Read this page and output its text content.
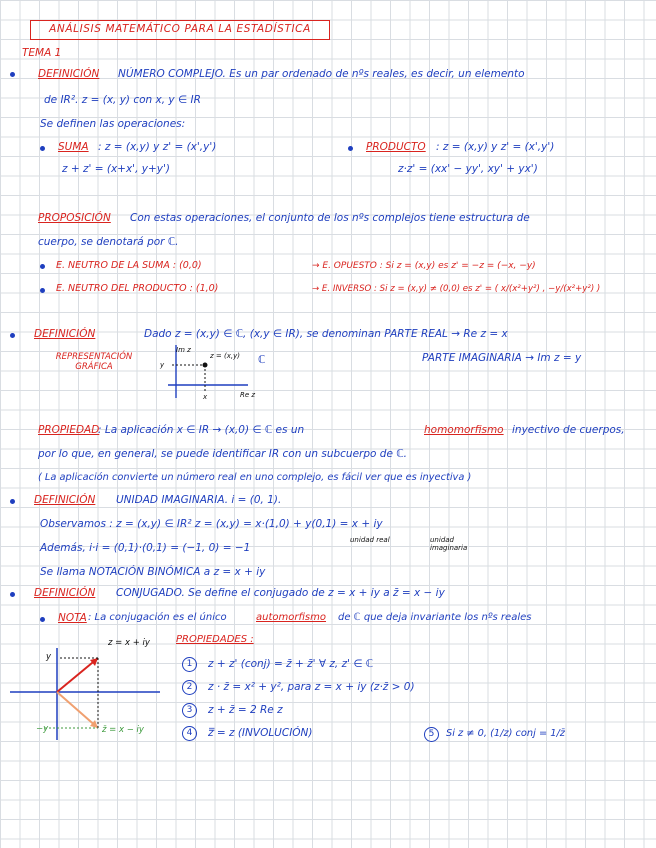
ANÁLISIS MATEMÁTICO PARA LA ESTADÍSTICA
TEMA 1
DEFINICIÓN NÚMERO COMPLEJO. Es un par ordenado de nºs reales, es decir, un elemento
de IR². z = (x, y) con x, y ∈ IR
Se definen las operaciones:
SUMA : z = (x,y) y z' = (x',y')
z + z' = (x+x', y+y')
PRODUCTO : z = (x,y) y z' = (x',y')
z·z' = (xx' − yy', xy' + yx')
PROPOSICIÓN Con estas operaciones, el conjunto de los nºs complejos tiene estructura de
cuerpo, se denotará por ℂ.
E. NEUTRO DE LA SUMA : (0,0)	→ E. OPUESTO : Si z = (x,y) es z' = −z = (−x, −y)
E. NEUTRO DEL PRODUCTO : (1,0)	→ E. INVERSO : Si z = (x,y) ≠ (0,0) es z' = ( x/(x²+y²) , −y/(x²+y²) )
DEFINICIÓN	Dado z = (x,y) ∈ ℂ, (x,y ∈ IR), se denominan PARTE REAL → Re z = x
PARTE IMAGINARIA → Im z = y
REPRESENTACIÓN GRÁFICA
Im z
Re z
z = (x,y)
y
x
ℂ
PROPIEDAD
: La aplicación x ∈ IR → (x,0) ∈ ℂ es un	homomorfismo inyectivo de cuerpos,
por lo que, en general, se puede identificar IR con un subcuerpo de ℂ.
( La aplicación convierte un número real en uno complejo, es fácil ver que es inyectiva )
DEFINICIÓN UNIDAD IMAGINARIA. i = (0, 1).
Observamos : z = (x,y) ∈ IR² z = (x,y) = x·(1,0) + y(0,1) = x + iy
unidad real	unidad imaginaria
Además, i·i = (0,1)·(0,1) = (−1, 0) = −1
Se llama NOTACIÓN BINÓMICA a z = x + iy
DEFINICIÓN CONJUGADO. Se define el conjugado de z = x + iy a z̄ = x − iy
NOTA : La conjugación es el único	automorfismo de ℂ que deja invariante los nºs reales
PROPIEDADES :
z = x + iy
z̄ = x − iy
y
−y
1	z + z' (conj) = z̄ + z̄' ∀ z, z' ∈ ℂ
2	z · z̄ = x² + y², para z = x + iy (z·z̄ > 0)
3	z + z̄ = 2 Re z
4	z̿ = z (INVOLUCIÓN)	5	Si z ≠ 0, (1/z) conj = 1/z̄
